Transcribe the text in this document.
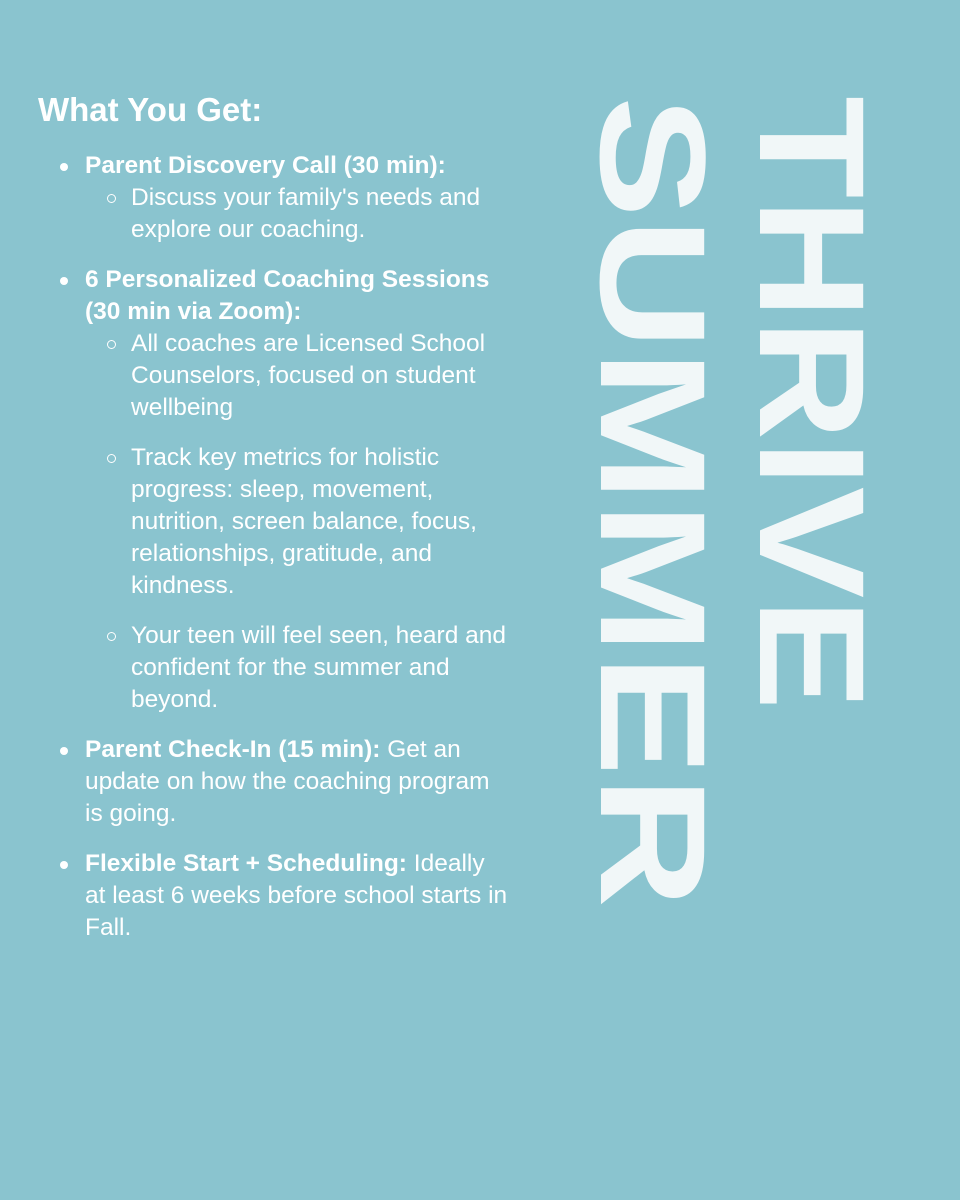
What You Get:
Parent Discovery Call (30 min):
Discuss your family's needs and explore our coaching.
6 Personalized Coaching Sessions (30 min via Zoom):
All coaches are Licensed School Counselors, focused on student wellbeing
Track key metrics for holistic progress: sleep, movement, nutrition, screen balance, focus, relationships, gratitude, and kindness.
Your teen will feel seen, heard and confident for the summer and beyond.
Parent Check-In (15 min): Get an update on how the coaching program is going.
Flexible Start + Scheduling: Ideally at least 6 weeks before school starts in Fall.
SUMMER
THRIVE
